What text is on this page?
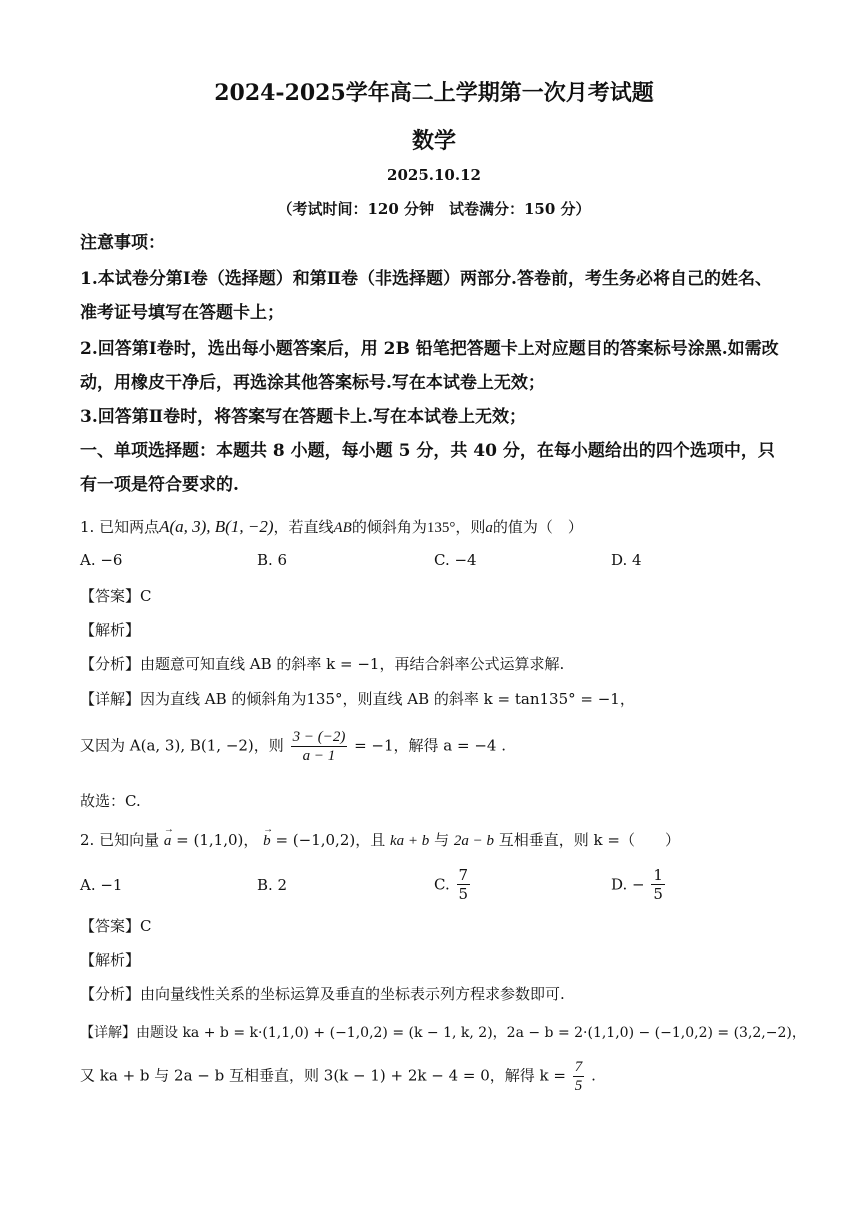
2024-2025学年高二上学期第一次月考试题
数学
2025.10.12
（考试时间：120 分钟　试卷满分：150 分）
注意事项：
1.本试卷分第Ⅰ卷（选择题）和第Ⅱ卷（非选择题）两部分.答卷前，考生务必将自己的姓名、
准考证号填写在答题卡上；
2.回答第Ⅰ卷时，选出每小题答案后，用 2B 铅笔把答题卡上对应题目的答案标号涂黑.如需改
动，用橡皮干净后，再选涂其他答案标号.写在本试卷上无效；
3.回答第Ⅱ卷时，将答案写在答题卡上.写在本试卷上无效；
一、单项选择题：本题共 8 小题，每小题 5 分，共 40 分，在每小题给出的四个选项中，只
有一项是符合要求的.
1. 已知两点A(a, 3), B(1, −2)，若直线AB的倾斜角为135°，则a的值为（　）
A. −6	B. 6	C. −4	D. 4
【答案】C
【解析】
【分析】由题意可知直线 AB 的斜率 k = −1，再结合斜率公式运算求解.
【详解】因为直线 AB 的倾斜角为135°，则直线 AB 的斜率 k = tan135° = −1，
又因为 A(a, 3), B(1, −2)，则 $\frac{3 - (-2)}{a - 1} = -1$，解得 a = −4 .
故选：C.
2. 已知向量 → a = (1,1,0)， → b = (−1,0,2)，且 ka + b 与 2a − b 互相垂直，则 k =（　　）
A. −1	B. 2	C. $\frac{7}{5}$	D. − $\frac{1}{5}$
【答案】C
【解析】
【分析】由向量线性关系的坐标运算及垂直的坐标表示列方程求参数即可.
【详解】由题设 ka + b = k·(1,1,0) + (−1,0,2) = (k − 1, k, 2)，2a − b = 2·(1,1,0) − (−1,0,2) = (3,2,−2)，
又 ka + b 与 2a − b 互相垂直，则 3(k − 1) + 2k − 4 = 0，解得 $k = \frac{7}{5}$ .
